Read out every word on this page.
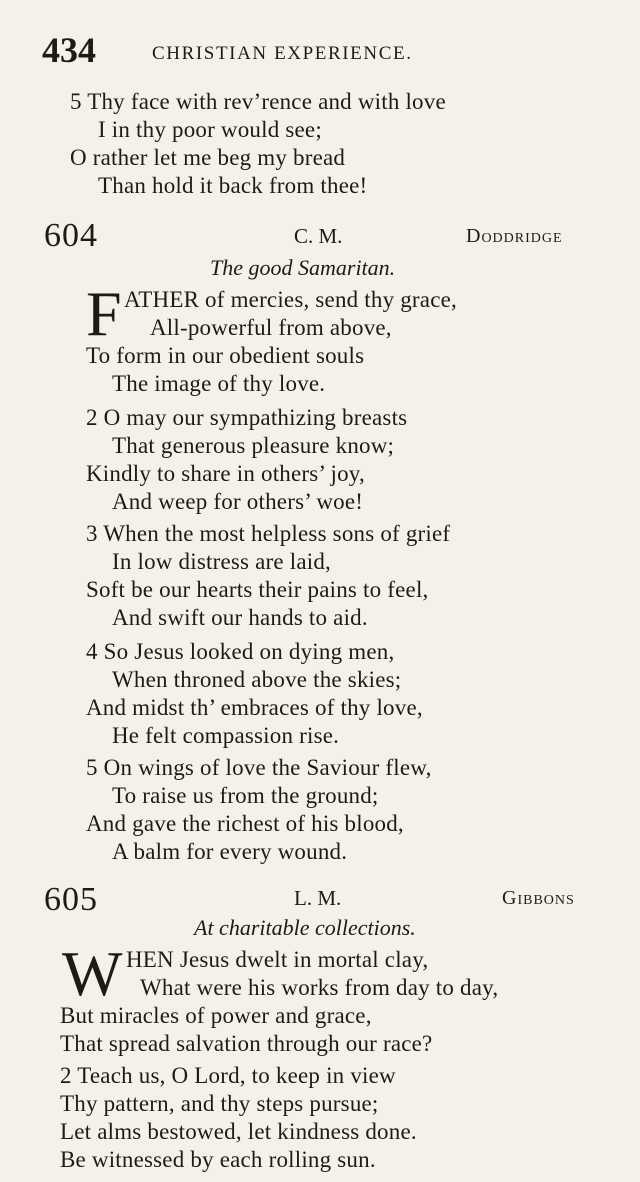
434	CHRISTIAN EXPERIENCE.
5 Thy face with rev’rence and with love
I in thy poor would see;
O rather let me beg my bread
Than hold it back from thee!
604	C. M.	Doddridge
The good Samaritan.
F ATHER of mercies, send thy grace,
All-powerful from above,
To form in our obedient souls
The image of thy love.
2 O may our sympathizing breasts
That generous pleasure know;
Kindly to share in others’ joy,
And weep for others’ woe!
3 When the most helpless sons of grief
In low distress are laid,
Soft be our hearts their pains to feel,
And swift our hands to aid.
4 So Jesus looked on dying men,
When throned above the skies;
And midst th’ embraces of thy love,
He felt compassion rise.
5 On wings of love the Saviour flew,
To raise us from the ground;
And gave the richest of his blood,
A balm for every wound.
605	L. M.	Gibbons
At charitable collections.
W HEN Jesus dwelt in mortal clay,
What were his works from day to day,
But miracles of power and grace,
That spread salvation through our race?
2 Teach us, O Lord, to keep in view
Thy pattern, and thy steps pursue;
Let alms bestowed, let kindness done.
Be witnessed by each rolling sun.
